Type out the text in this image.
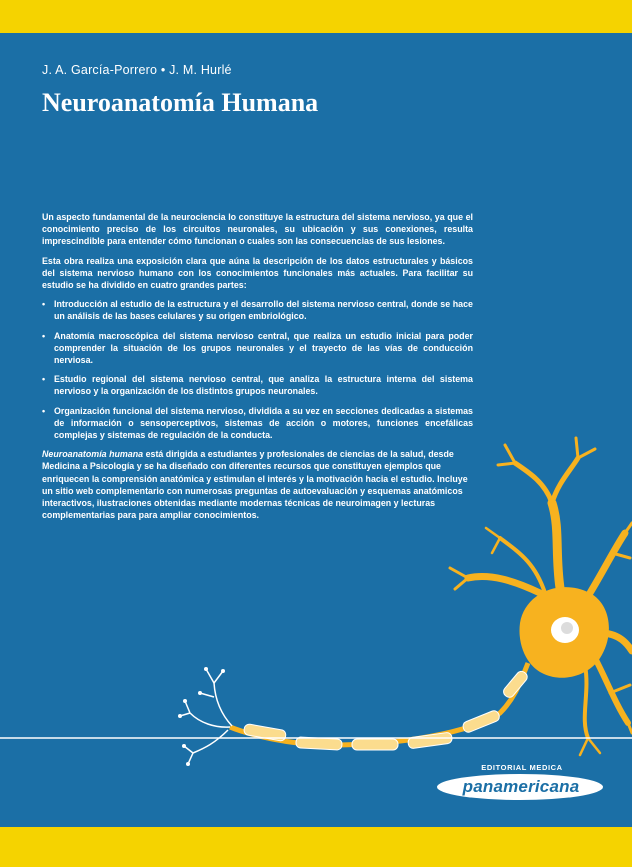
J. A. García-Porrero • J. M. Hurlé
Neuroanatomía Humana

Un aspecto fundamental de la neurociencia lo constituye la estructura del sistema nervioso, ya que el conocimiento preciso de los circuitos neuronales, su ubicación y sus conexiones, resulta imprescindible para entender cómo funcionan o cuales son las consecuencias de sus lesiones.

Esta obra realiza una exposición clara que aúna la descripción de los datos estructurales y básicos del sistema nervioso humano con los conocimientos funcionales más actuales. Para facilitar su estudio se ha dividido en cuatro grandes partes:

• Introducción al estudio de la estructura y el desarrollo del sistema nervioso central, donde se hace un análisis de las bases celulares y su origen embriológico.
• Anatomía macroscópica del sistema nervioso central, que realiza un estudio inicial para poder comprender la situación de los grupos neuronales y el trayecto de las vías de conducción nerviosa.
• Estudio regional del sistema nervioso central, que analiza la estructura interna del sistema nervioso y la organización de los distintos grupos neuronales.
• Organización funcional del sistema nervioso, dividida a su vez en secciones dedicadas a sistemas de información o sensoperceptivos, sistemas de acción o motores, funciones encefálicas complejas y sistemas de regulación de la conducta.

Neuroanatomía humana está dirigida a estudiantes y profesionales de ciencias de la salud, desde Medicina a Psicología y se ha diseñado con diferentes recursos que constituyen ejemplos que enriquecen la comprensión anatómica y estimulan el interés y la motivación hacia el estudio. Incluye un sitio web complementario con numerosas preguntas de autoevaluación y esquemas anatómicos interactivos, ilustraciones obtenidas mediante modernas técnicas de neuroimagen y lecturas complementarias para para ampliar conocimientos.

EDITORIAL MEDICA
panamericana
